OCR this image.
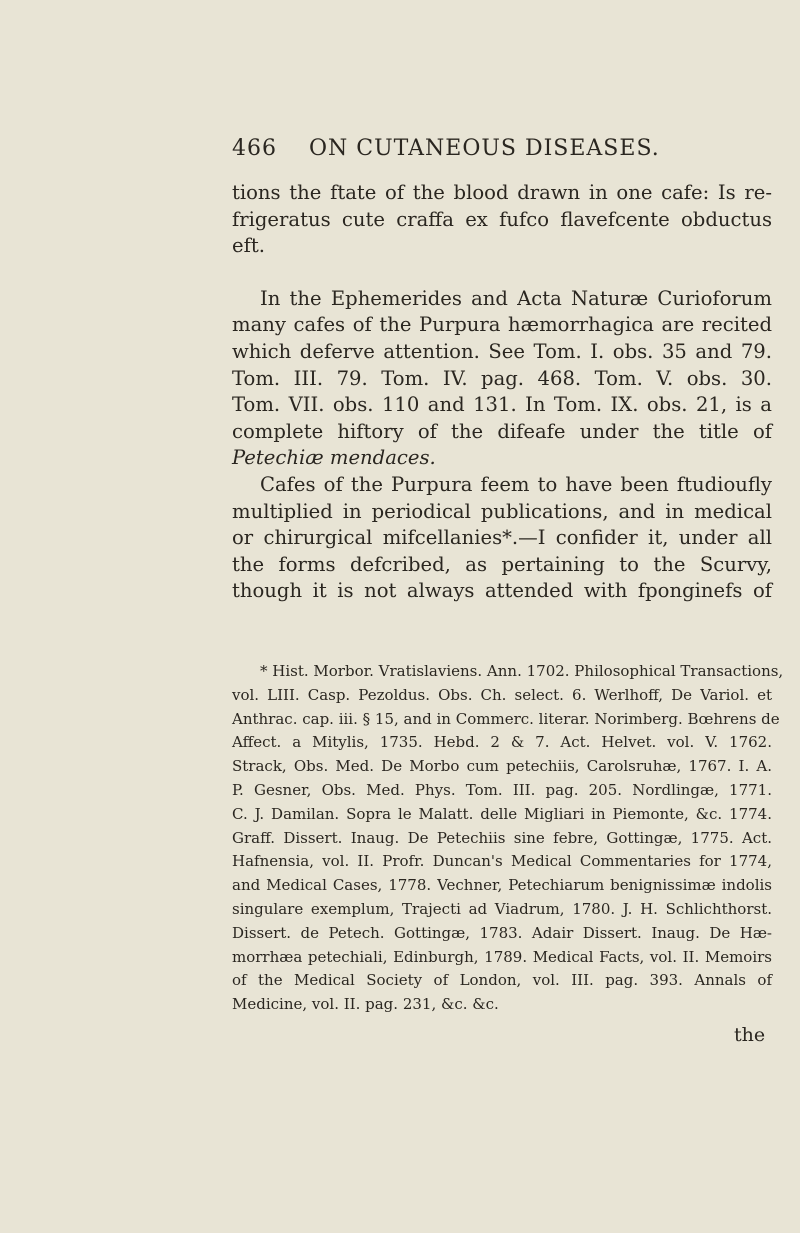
466 ON CUTANEOUS DISEASES.
tions the ftate of the blood drawn in one cafe: Is re-
frigeratus cute craffa ex fufco flavefcente obductus eft.
In the Ephemerides and Acta Naturæ Curioforum
many cafes of the Purpura hæmorrhagica are recited
which deferve attention. See Tom. I. obs. 35 and 79.
Tom. III. 79. Tom. IV. pag. 468. Tom. V. obs. 30.
Tom. VII. obs. 110 and 131. In Tom. IX. obs. 21, is a
complete hiftory of the difeafe under the title of
Petechiæ mendaces.
Cafes of the Purpura feem to have been ftudioufly
multiplied in periodical publications, and in medical
or chirurgical mifcellanies*.—I confider it, under all
the forms defcribed, as pertaining to the Scurvy,
though it is not always attended with fponginefs of
* Hist. Morbor. Vratislaviens. Ann. 1702. Philosophical Transactions,
vol. LIII. Casp. Pezoldus. Obs. Ch. select. 6. Werlhoff, De Variol. et
Anthrac. cap. iii. § 15, and in Commerc. literar. Norimberg. Bœhrens de
Affect. a Mitylis, 1735. Hebd. 2 & 7. Act. Helvet. vol. V. 1762.
Strack, Obs. Med. De Morbo cum petechiis, Carolsruhæ, 1767. I. A.
P. Gesner, Obs. Med. Phys. Tom. III. pag. 205. Nordlingæ, 1771.
C. J. Damilan. Sopra le Malatt. delle Migliari in Piemonte, &c. 1774.
Graff. Dissert. Inaug. De Petechiis sine febre, Gottingæ, 1775. Act.
Hafnensia, vol. II. Profr. Duncan's Medical Commentaries for 1774,
and Medical Cases, 1778. Vechner, Petechiarum benignissimæ indolis
singulare exemplum, Trajecti ad Viadrum, 1780. J. H. Schlichthorst.
Dissert. de Petech. Gottingæ, 1783. Adair Dissert. Inaug. De Hæ-
morrhæa petechiali, Edinburgh, 1789. Medical Facts, vol. II. Memoirs
of the Medical Society of London, vol. III. pag. 393. Annals of
Medicine, vol. II. pag. 231, &c. &c.
the
